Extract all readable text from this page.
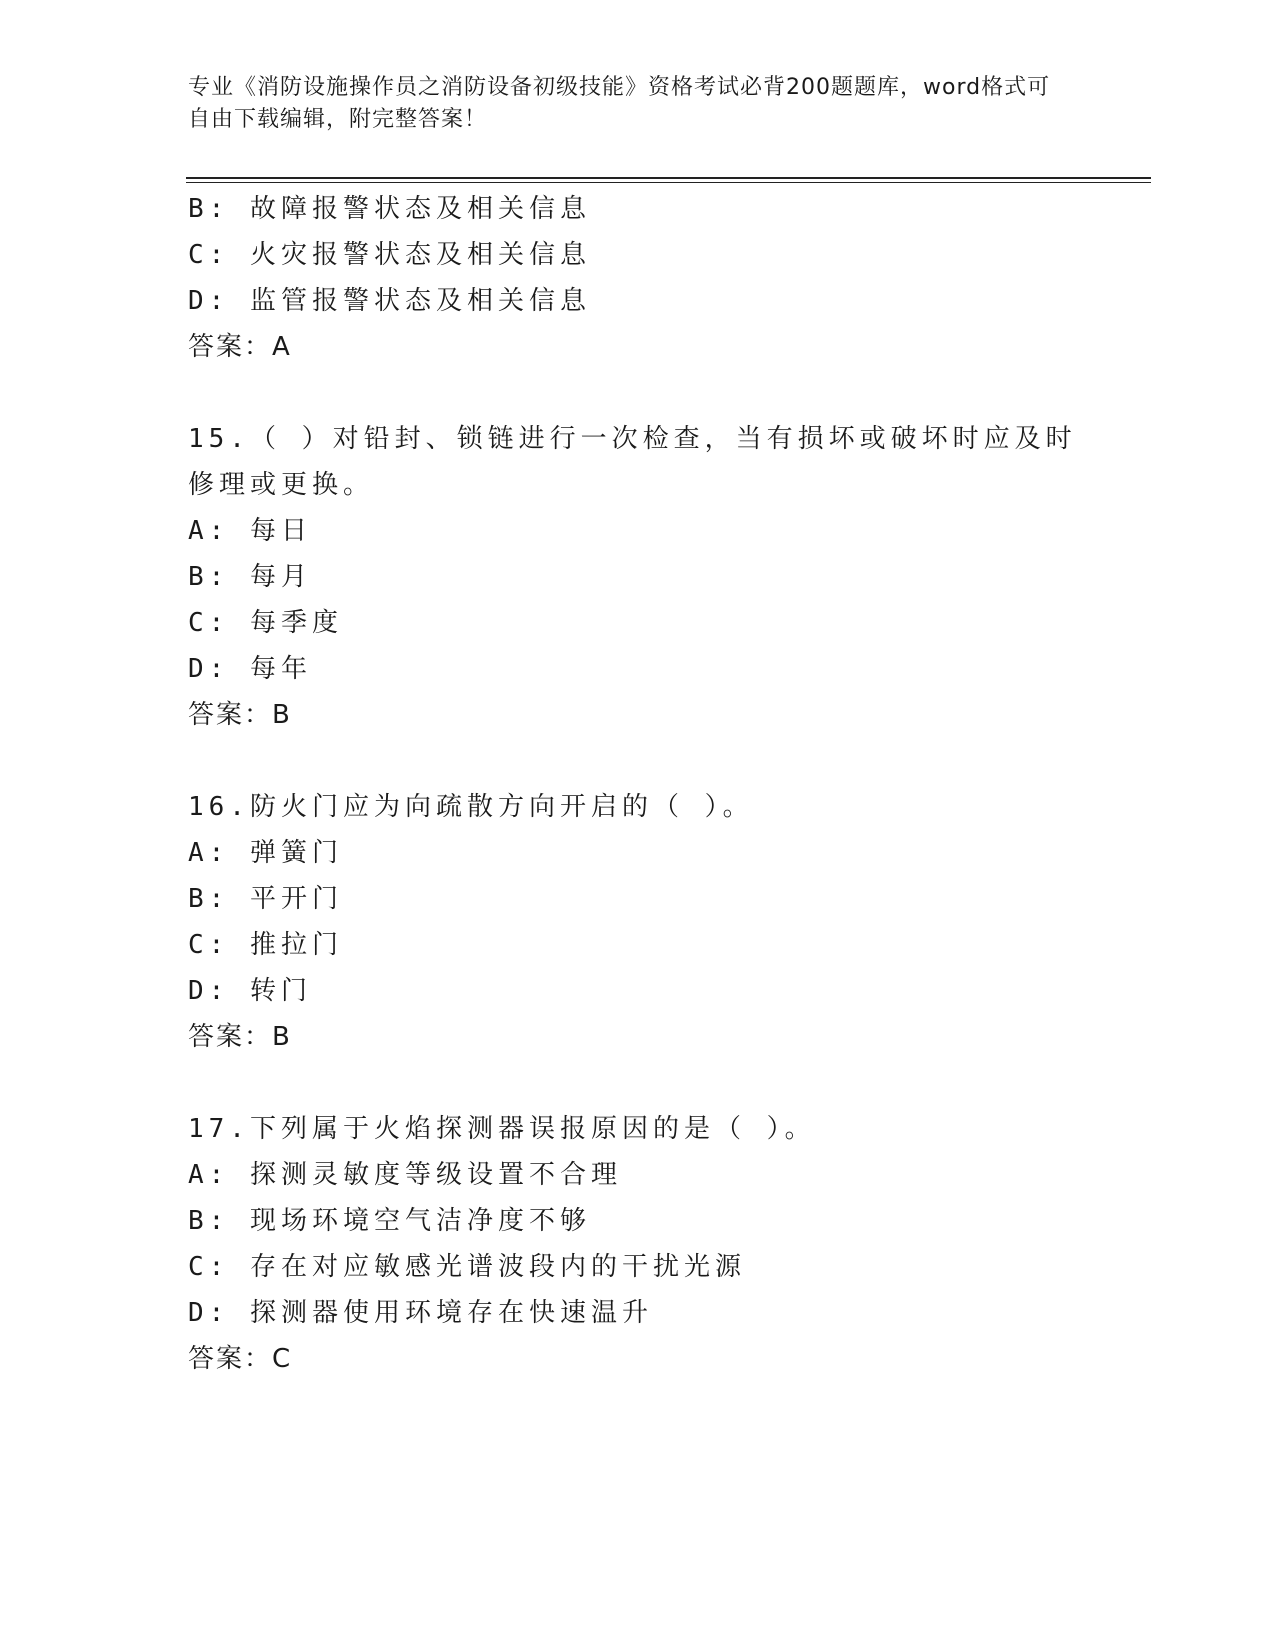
专业《消防设施操作员之消防设备初级技能》资格考试必背200题题库，word格式可自由下载编辑，附完整答案！
B: 故障报警状态及相关信息
C: 火灾报警状态及相关信息
D: 监管报警状态及相关信息
答案：A
15.（ ）对铅封、锁链进行一次检查，当有损坏或破坏时应及时修理或更换。
A: 每日
B: 每月
C: 每季度
D: 每年
答案：B
16.防火门应为向疏散方向开启的（ ）。
A: 弹簧门
B: 平开门
C: 推拉门
D: 转门
答案：B
17.下列属于火焰探测器误报原因的是（ ）。
A: 探测灵敏度等级设置不合理
B: 现场环境空气洁净度不够
C: 存在对应敏感光谱波段内的干扰光源
D: 探测器使用环境存在快速温升
答案：C
